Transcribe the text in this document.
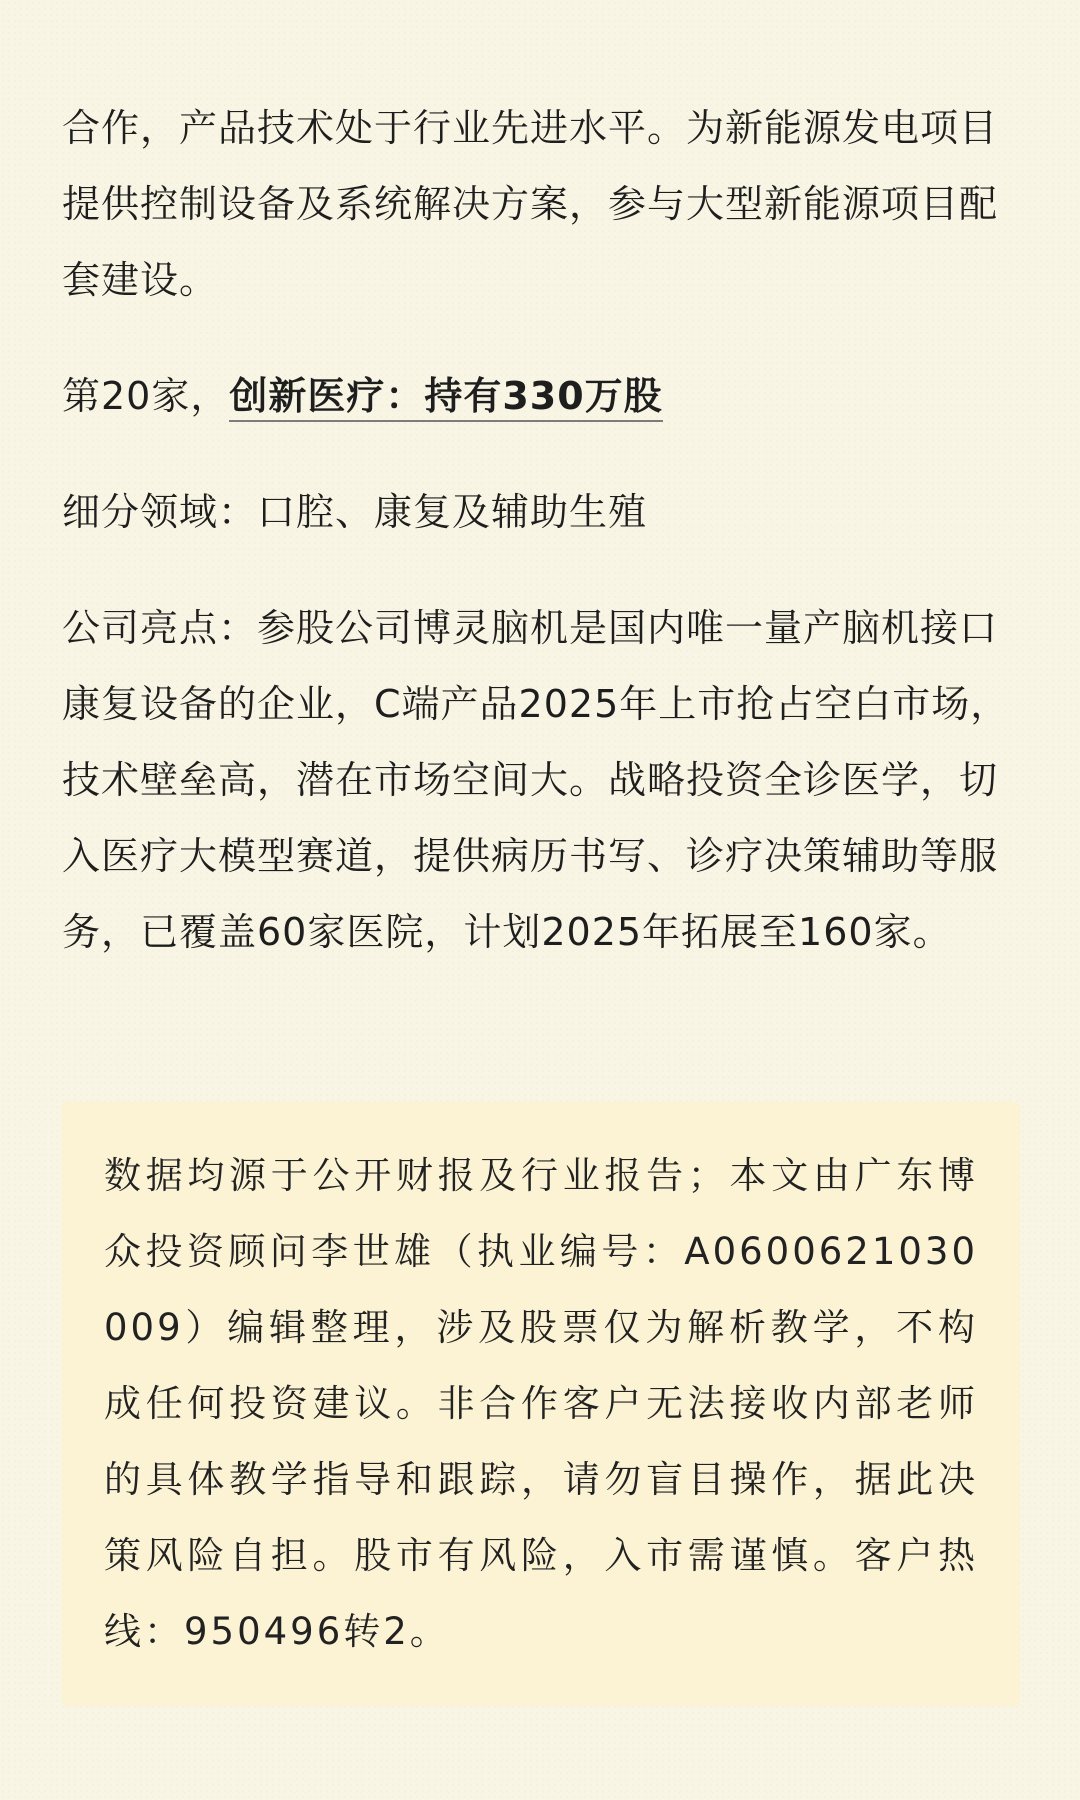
合作，产品技术处于行业先进水平。为新能源发电项目提供控制设备及系统解决方案，参与大型新能源项目配套建设。

第20家，创新医疗：持有330万股

细分领域：口腔、康复及辅助生殖

公司亮点：参股公司博灵脑机是国内唯一量产脑机接口康复设备的企业，C端产品2025年上市抢占空白市场，技术壁垒高，潜在市场空间大。战略投资全诊医学，切入医疗大模型赛道，提供病历书写、诊疗决策辅助等服务，已覆盖60家医院，计划2025年拓展至160家。

数据均源于公开财报及行业报告；本文由广东博众投资顾问李世雄（执业编号：A0600621030009）编辑整理，涉及股票仅为解析教学，不构成任何投资建议。非合作客户无法接收内部老师的具体教学指导和跟踪，请勿盲目操作，据此决策风险自担。股市有风险，入市需谨慎。客户热线：950496转2。
